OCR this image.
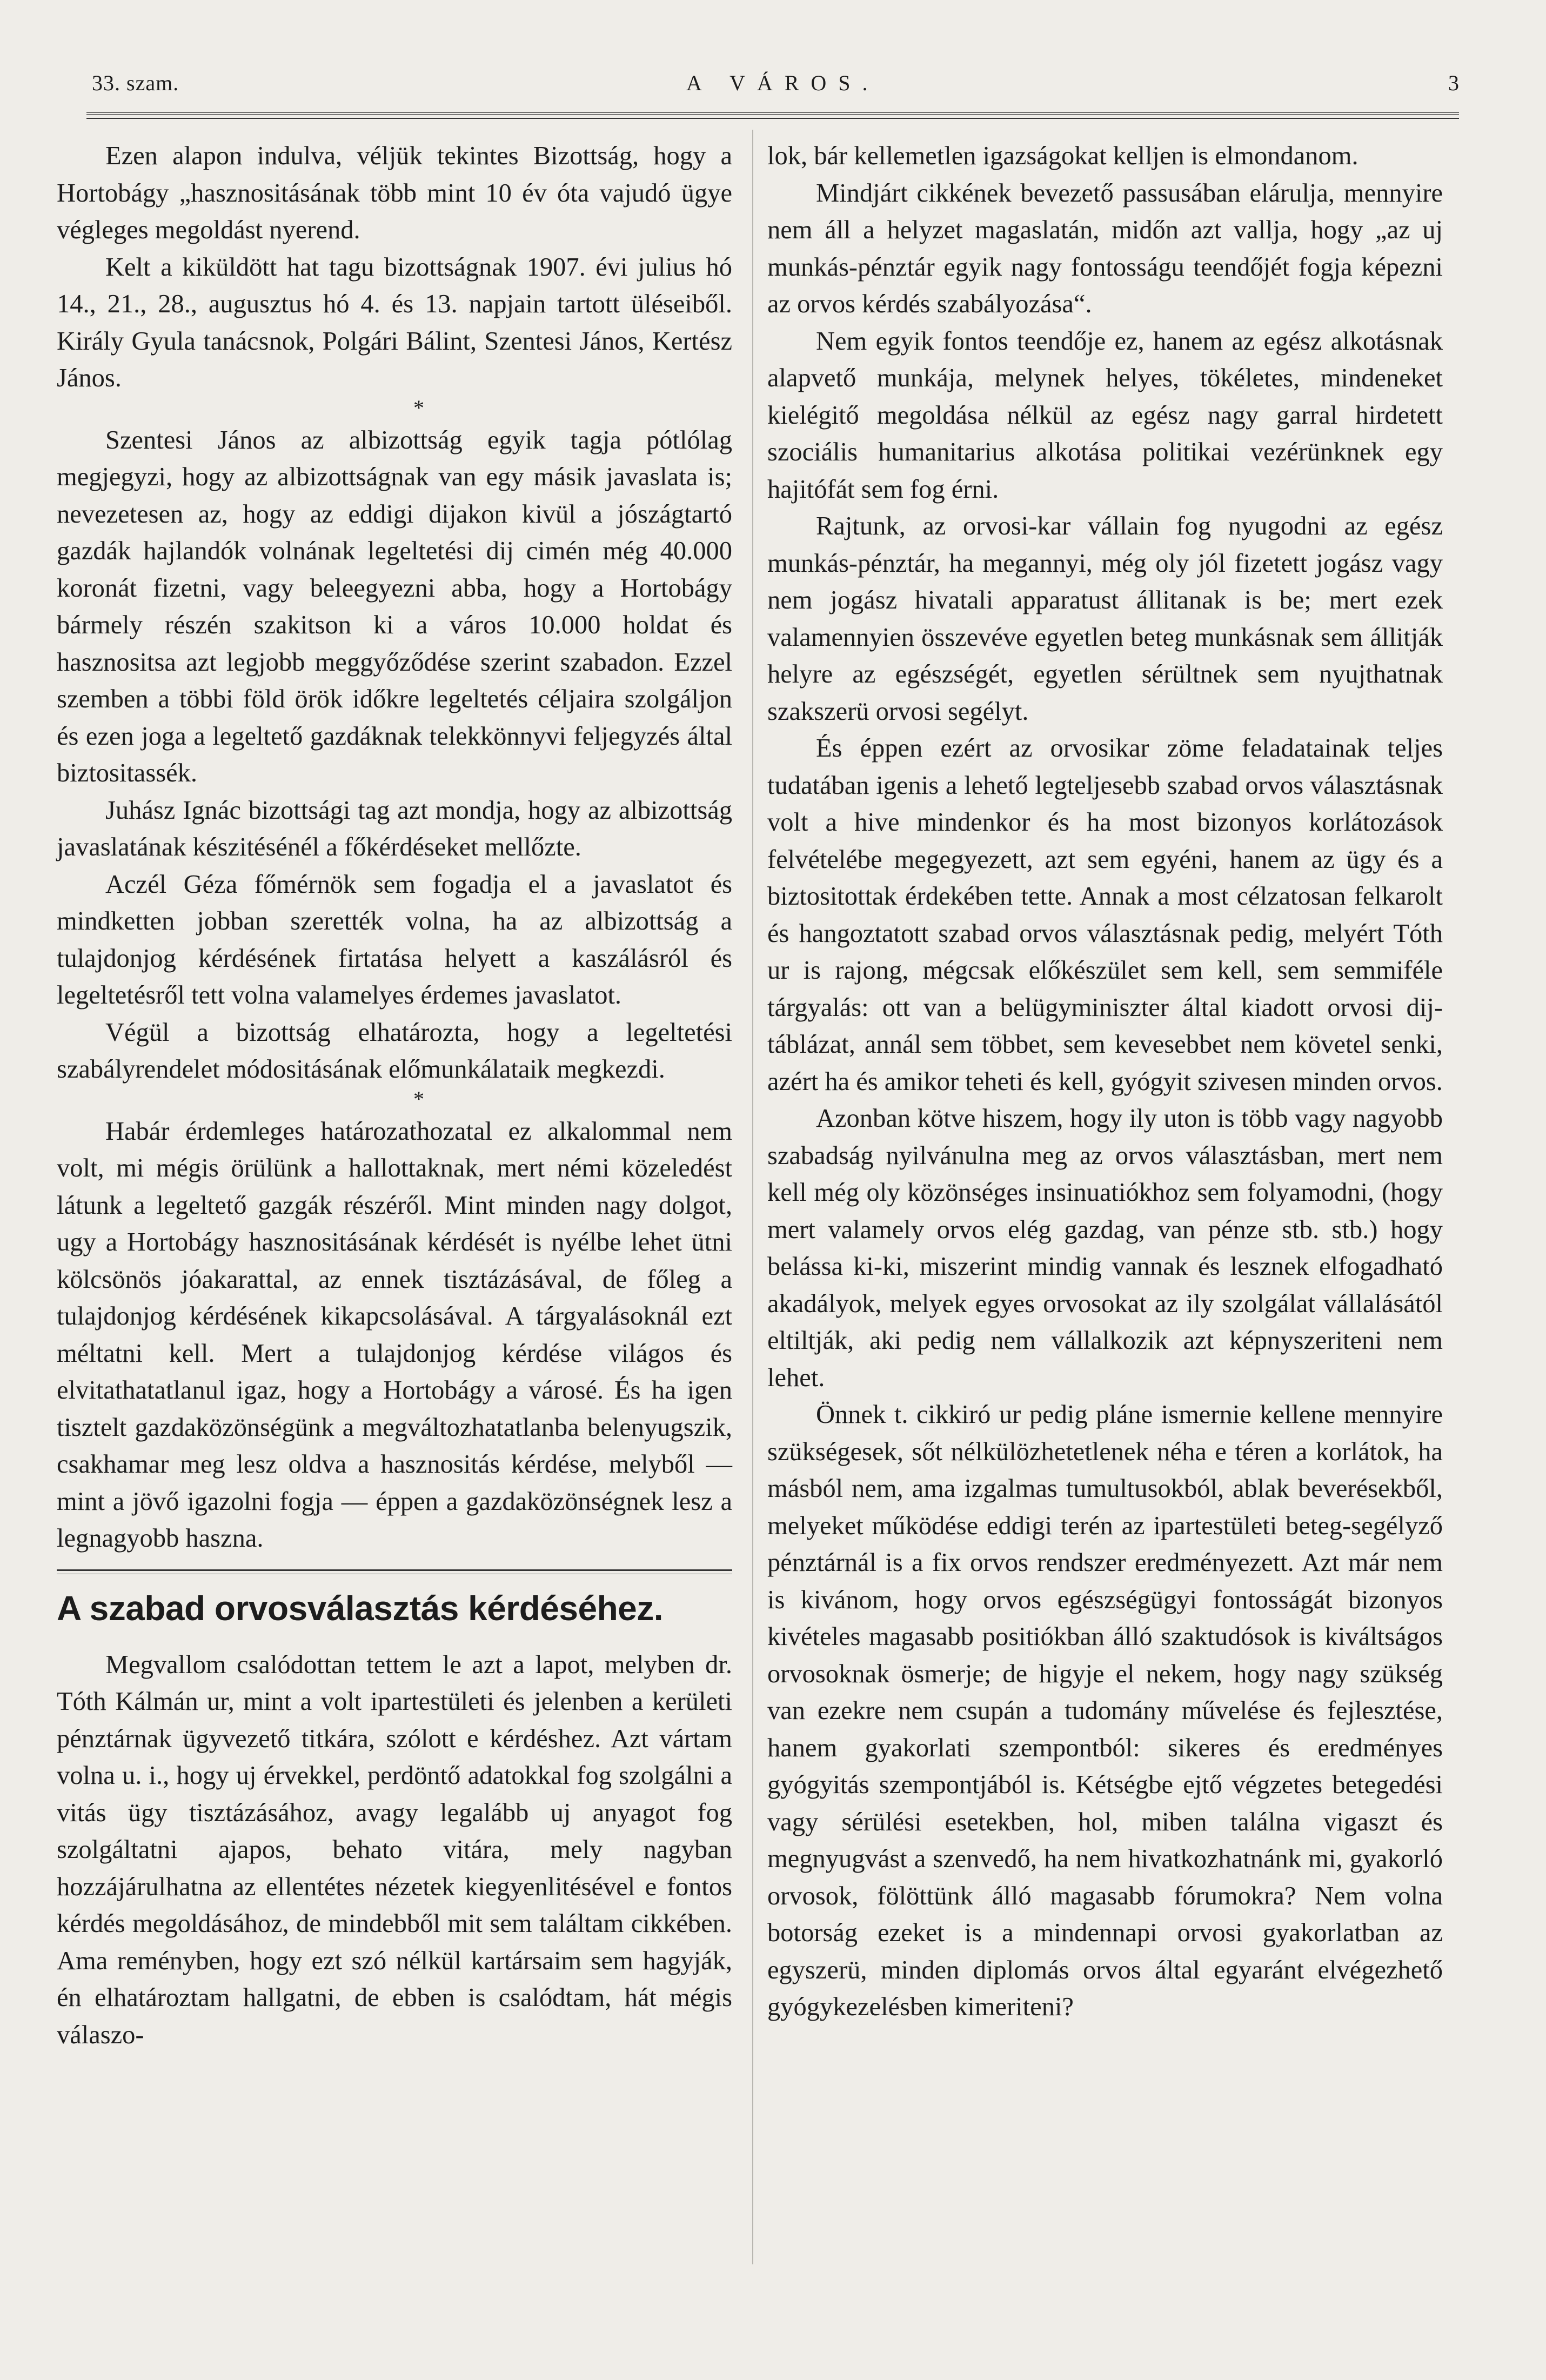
33. szam.	A VÁROS.	3

Ezen alapon indulva, véljük tekintes Bizottság, hogy a Hortobágy „hasznositásának több mint 10 év óta vajudó ügye végleges megoldást nyerend.

Kelt a kiküldött hat tagu bizottságnak 1907. évi julius hó 14., 21., 28., augusztus hó 4. és 13. napjain tartott üléseiből. Király Gyula tanácsnok, Polgári Bálint, Szentesi János, Kertész János.

*

Szentesi János az albizottság egyik tagja pótlólag megjegyzi, hogy az albizottságnak van egy másik javaslata is; nevezetesen az, hogy az eddigi dijakon kivül a jószágtartó gazdák hajlandók volnának legeltetési dij cimén még 40.000 koronát fizetni, vagy beleegyezni abba, hogy a Hortobágy bármely részén szakitson ki a város 10.000 holdat és hasznositsa azt legjobb meggyőződése szerint szabadon. Ezzel szemben a többi föld örök időkre legeltetés céljaira szolgáljon és ezen joga a legeltető gazdáknak telekkönnyvi feljegyzés által biztositassék.

Juhász Ignác bizottsági tag azt mondja, hogy az albizottság javaslatának készitésénél a főkérdéseket mellőzte.

Aczél Géza főmérnök sem fogadja el a javaslatot és mindketten jobban szerették volna, ha az albizottság a tulajdonjog kérdésének firtatása helyett a kaszálásról és legeltetésről tett volna valamelyes érdemes javaslatot.

Végül a bizottság elhatározta, hogy a legeltetési szabályrendelet módositásának előmunkálataik megkezdi.

*

Habár érdemleges határozathozatal ez alkalommal nem volt, mi mégis örülünk a hallottaknak, mert némi közeledést látunk a legeltető gazgák részéről. Mint minden nagy dolgot, ugy a Hortobágy hasznositásának kérdését is nyélbe lehet ütni kölcsönös jóakarattal, az ennek tisztázásával, de főleg a tulajdonjog kérdésének kikapcsolásával. A tárgyalásoknál ezt méltatni kell. Mert a tulajdonjog kérdése világos és elvitathatatlanul igaz, hogy a Hortobágy a városé. És ha igen tisztelt gazdaközönségünk a megváltozhatatlanba belenyugszik, csakhamar meg lesz oldva a hasznositás kérdése, melyből — mint a jövő igazolni fogja — éppen a gazdaközönségnek lesz a legnagyobb haszna.

A szabad orvosválasztás kérdéséhez.

Megvallom csalódottan tettem le azt a lapot, melyben dr. Tóth Kálmán ur, mint a volt ipartestületi és jelenben a kerületi pénztárnak ügyvezető titkára, szólott e kérdéshez. Azt vártam volna u. i., hogy uj érvekkel, perdöntő adatokkal fog szolgálni a vitás ügy tisztázásához, avagy legalább uj anyagot fog szolgáltatni ajapos, behato vitára, mely nagyban hozzájárulhatna az ellentétes nézetek kiegyenlitésével e fontos kérdés megoldásához, de mindebből mit sem találtam cikkében. Ama reményben, hogy ezt szó nélkül kartársaim sem hagyják, én elhatároztam hallgatni, de ebben is csalódtam, hát mégis válaszo-

lok, bár kellemetlen igazságokat kelljen is elmondanom.

Mindjárt cikkének bevezető passusában elárulja, mennyire nem áll a helyzet magaslatán, midőn azt vallja, hogy „az uj munkás-pénztár egyik nagy fontosságu teendőjét fogja képezni az orvos kérdés szabályozása“.

Nem egyik fontos teendője ez, hanem az egész alkotásnak alapvető munkája, melynek helyes, tökéletes, mindeneket kielégitő megoldása nélkül az egész nagy garral hirdetett szociális humanitarius alkotása politikai vezérünknek egy hajitófát sem fog érni.

Rajtunk, az orvosi-kar vállain fog nyugodni az egész munkás-pénztár, ha megannyi, még oly jól fizetett jogász vagy nem jogász hivatali apparatust állitanak is be; mert ezek valamennyien összevéve egyetlen beteg munkásnak sem állitják helyre az egészségét, egyetlen sérültnek sem nyujthatnak szakszerü orvosi segélyt.

És éppen ezért az orvosikar zöme feladatainak teljes tudatában igenis a lehető legteljesebb szabad orvos választásnak volt a hive mindenkor és ha most bizonyos korlátozások felvételébe megegyezett, azt sem egyéni, hanem az ügy és a biztositottak érdekében tette. Annak a most célzatosan felkarolt és hangoztatott szabad orvos választásnak pedig, melyért Tóth ur is rajong, mégcsak előkészület sem kell, sem semmiféle tárgyalás: ott van a belügyminiszter által kiadott orvosi dij-táblázat, annál sem többet, sem kevesebbet nem követel senki, azért ha és amikor teheti és kell, gyógyit szivesen minden orvos.

Azonban kötve hiszem, hogy ily uton is több vagy nagyobb szabadság nyilvánulna meg az orvos választásban, mert nem kell még oly közönséges insinuatiókhoz sem folyamodni, (hogy mert valamely orvos elég gazdag, van pénze stb. stb.) hogy belássa ki-ki, miszerint mindig vannak és lesznek elfogadható akadályok, melyek egyes orvosokat az ily szolgálat vállalásától eltiltják, aki pedig nem vállalkozik azt képnyszeriteni nem lehet.

Önnek t. cikkiró ur pedig pláne ismernie kellene mennyire szükségesek, sőt nélkülözhetetlenek néha e téren a korlátok, ha másból nem, ama izgalmas tumultusokból, ablak beverésekből, melyeket működése eddigi terén az ipartestületi beteg-segélyző pénztárnál is a fix orvos rendszer eredményezett. Azt már nem is kivánom, hogy orvos egészségügyi fontosságát bizonyos kivételes magasabb positiókban álló szaktudósok is kiváltságos orvosoknak ösmerje; de higyje el nekem, hogy nagy szükség van ezekre nem csupán a tudomány művelése és fejlesztése, hanem gyakorlati szempontból: sikeres és eredményes gyógyitás szempontjából is. Kétségbe ejtő végzetes betegedési vagy sérülési esetekben, hol, miben találna vigaszt és megnyugvást a szenvedő, ha nem hivatkozhatnánk mi, gyakorló orvosok, fölöttünk álló magasabb fórumokra? Nem volna botorság ezeket is a mindennapi orvosi gyakorlatban az egyszerü, minden diplomás orvos által egyaránt elvégezhető gyógykezelésben kimeriteni?
